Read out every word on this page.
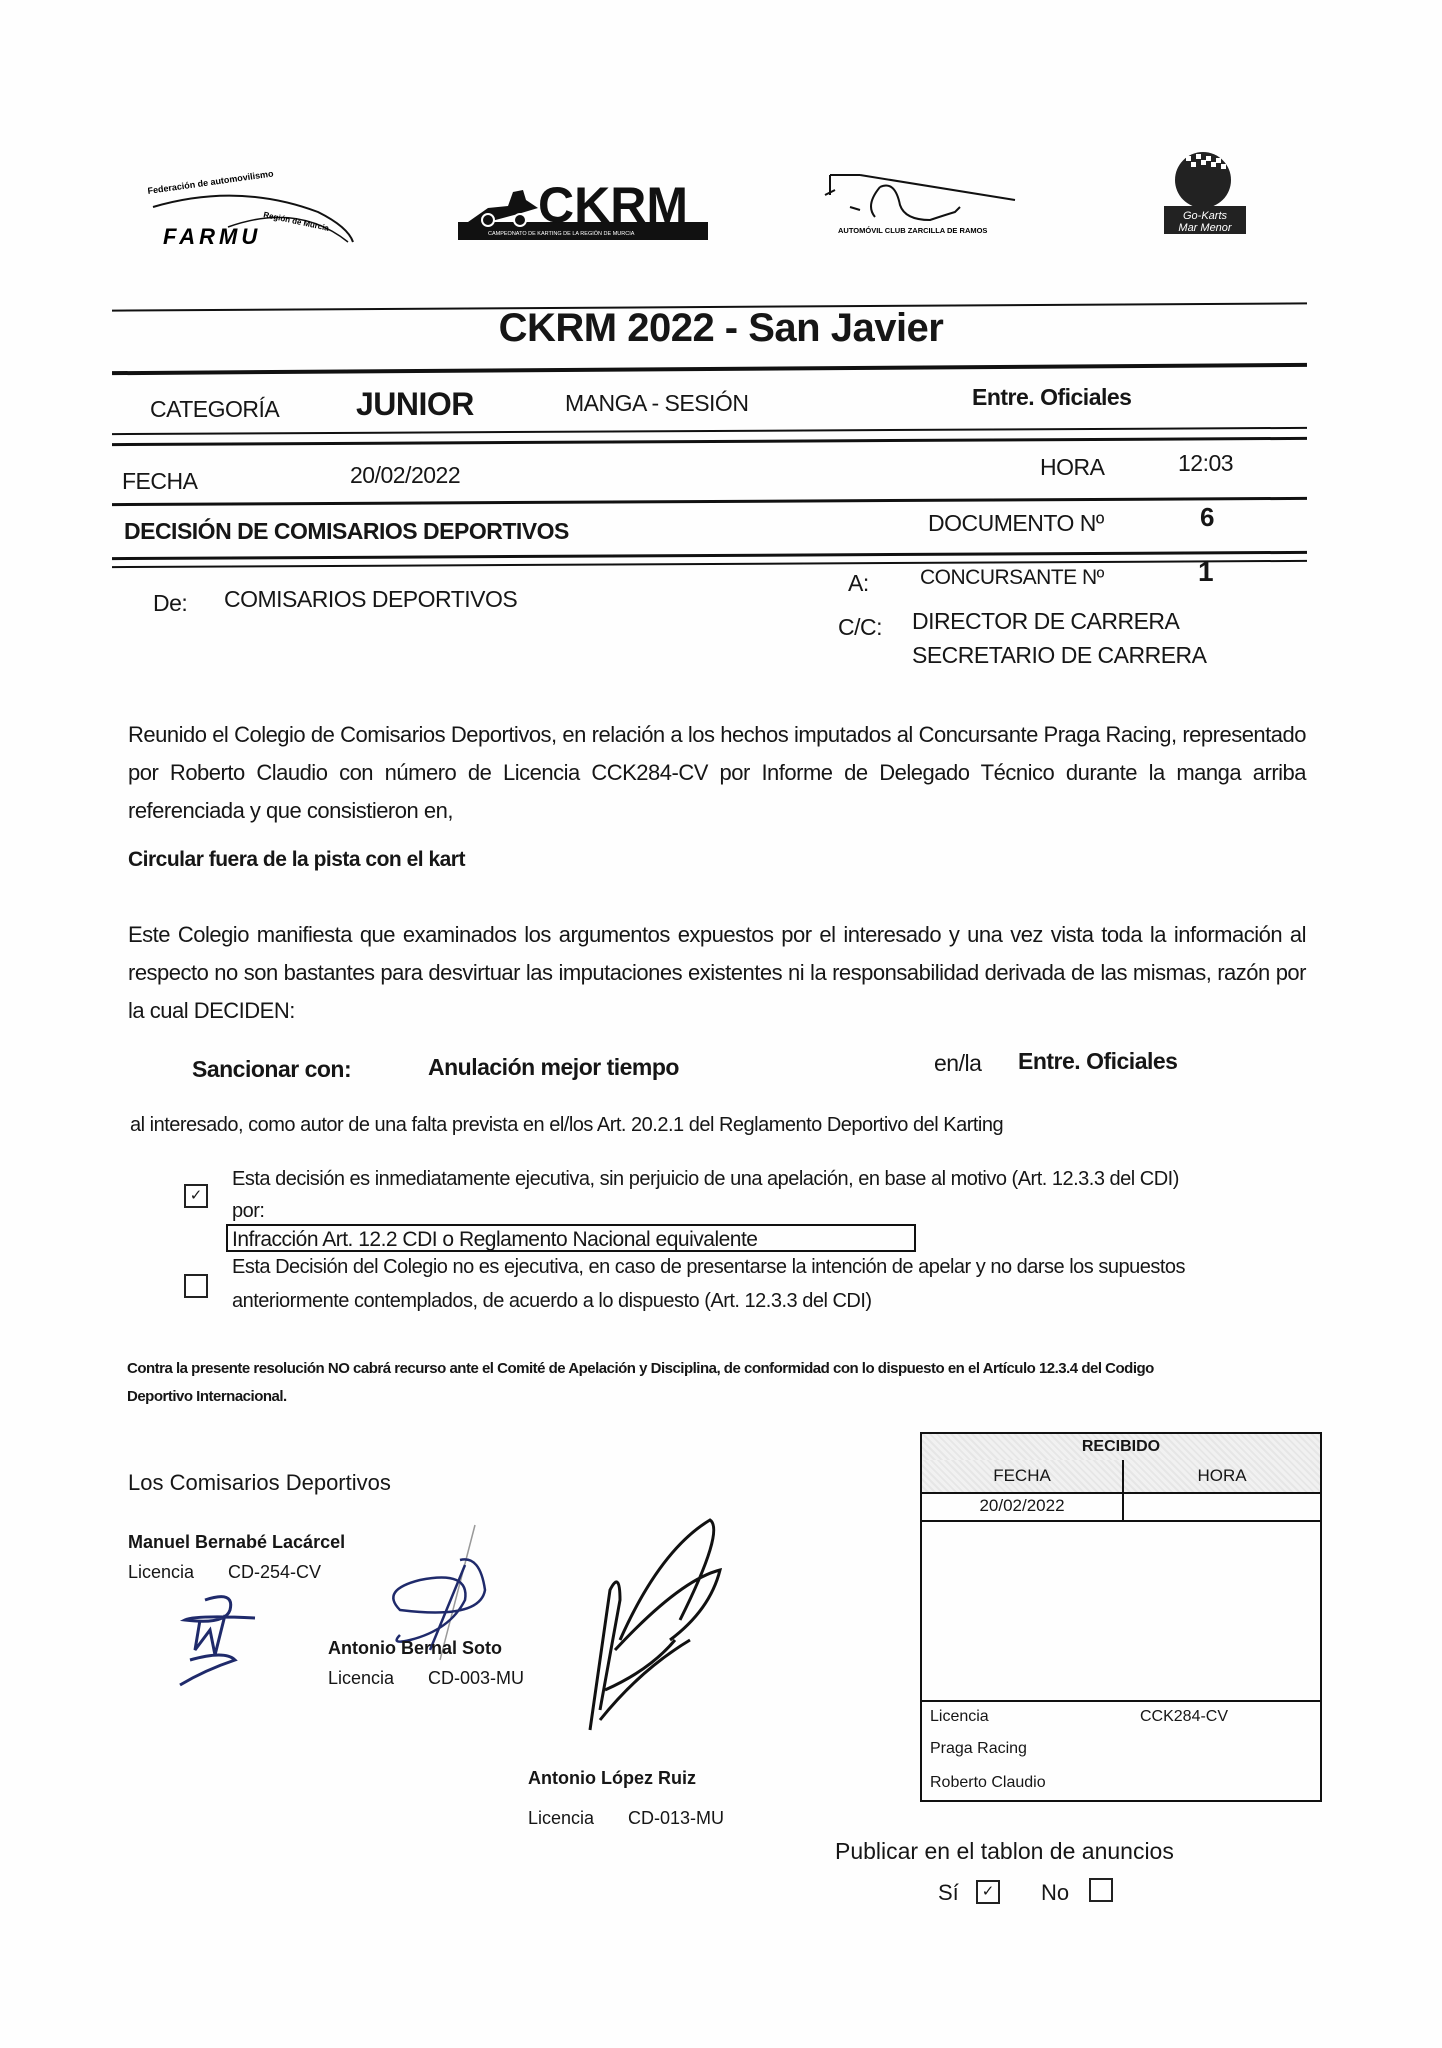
Federación de automovilismo
Región de Murcia
FARMU
CKRM
CAMPEONATO DE KARTING DE LA REGIÓN DE MURCIA	AUTOMÓVIL CLUB ZARCILLA DE RAMOS
Go-Karts
Mar Menor
CKRM 2022 - San Javier
CATEGORÍA JUNIOR	MANGA - SESIÓN	Entre. Oficiales
FECHA	20/02/2022	HORA	12:03
DECISIÓN DE COMISARIOS DEPORTIVOS	DOCUMENTO Nº	6
De: COMISARIOS DEPORTIVOS
A: CONCURSANTE Nº	1
C/C: DIRECTOR DE CARRERA
SECRETARIO DE CARRERA
Reunido el Colegio de Comisarios Deportivos, en relación a los hechos imputados al Concursante Praga Racing, representado por Roberto Claudio con número de Licencia CCK284-CV por Informe de Delegado Técnico durante la manga arriba referenciada y que consistieron en,
Circular fuera de la pista con el kart
Este Colegio manifiesta que examinados los argumentos expuestos por el interesado y una vez vista toda la información al respecto no son bastantes para desvirtuar las imputaciones existentes ni la responsabilidad derivada de las mismas, razón por la cual DECIDEN:
Sancionar con:	Anulación mejor tiempo	en/la Entre. Oficiales
al interesado, como autor de una falta prevista en el/los Art. 20.2.1 del Reglamento Deportivo del Karting
✓
Esta decisión es inmediatamente ejecutiva, sin perjuicio de una apelación, en base al motivo (Art. 12.3.3 del CDI)
por:
Infracción Art. 12.2 CDI o Reglamento Nacional equivalente
Esta Decisión del Colegio no es ejecutiva, en caso de presentarse la intención de apelar y no darse los supuestos
anteriormente contemplados, de acuerdo a lo dispuesto (Art. 12.3.3 del CDI)
Contra la presente resolución NO cabrá recurso ante el Comité de Apelación y Disciplina, de conformidad con lo dispuesto en el Artículo 12.3.4 del Codigo
Deportivo Internacional.
Los Comisarios Deportivos
Manuel Bernabé Lacárcel
Licencia CD-254-CV
Antonio Bernal Soto
Licencia CD-003-MU
Antonio López Ruiz
Licencia CD-013-MU
RECIBIDO
FECHA	HORA
20/02/2022
Licencia	CCK284-CV
Praga Racing
Roberto Claudio
Publicar en el tablon de anuncios
Sí	✓ No
